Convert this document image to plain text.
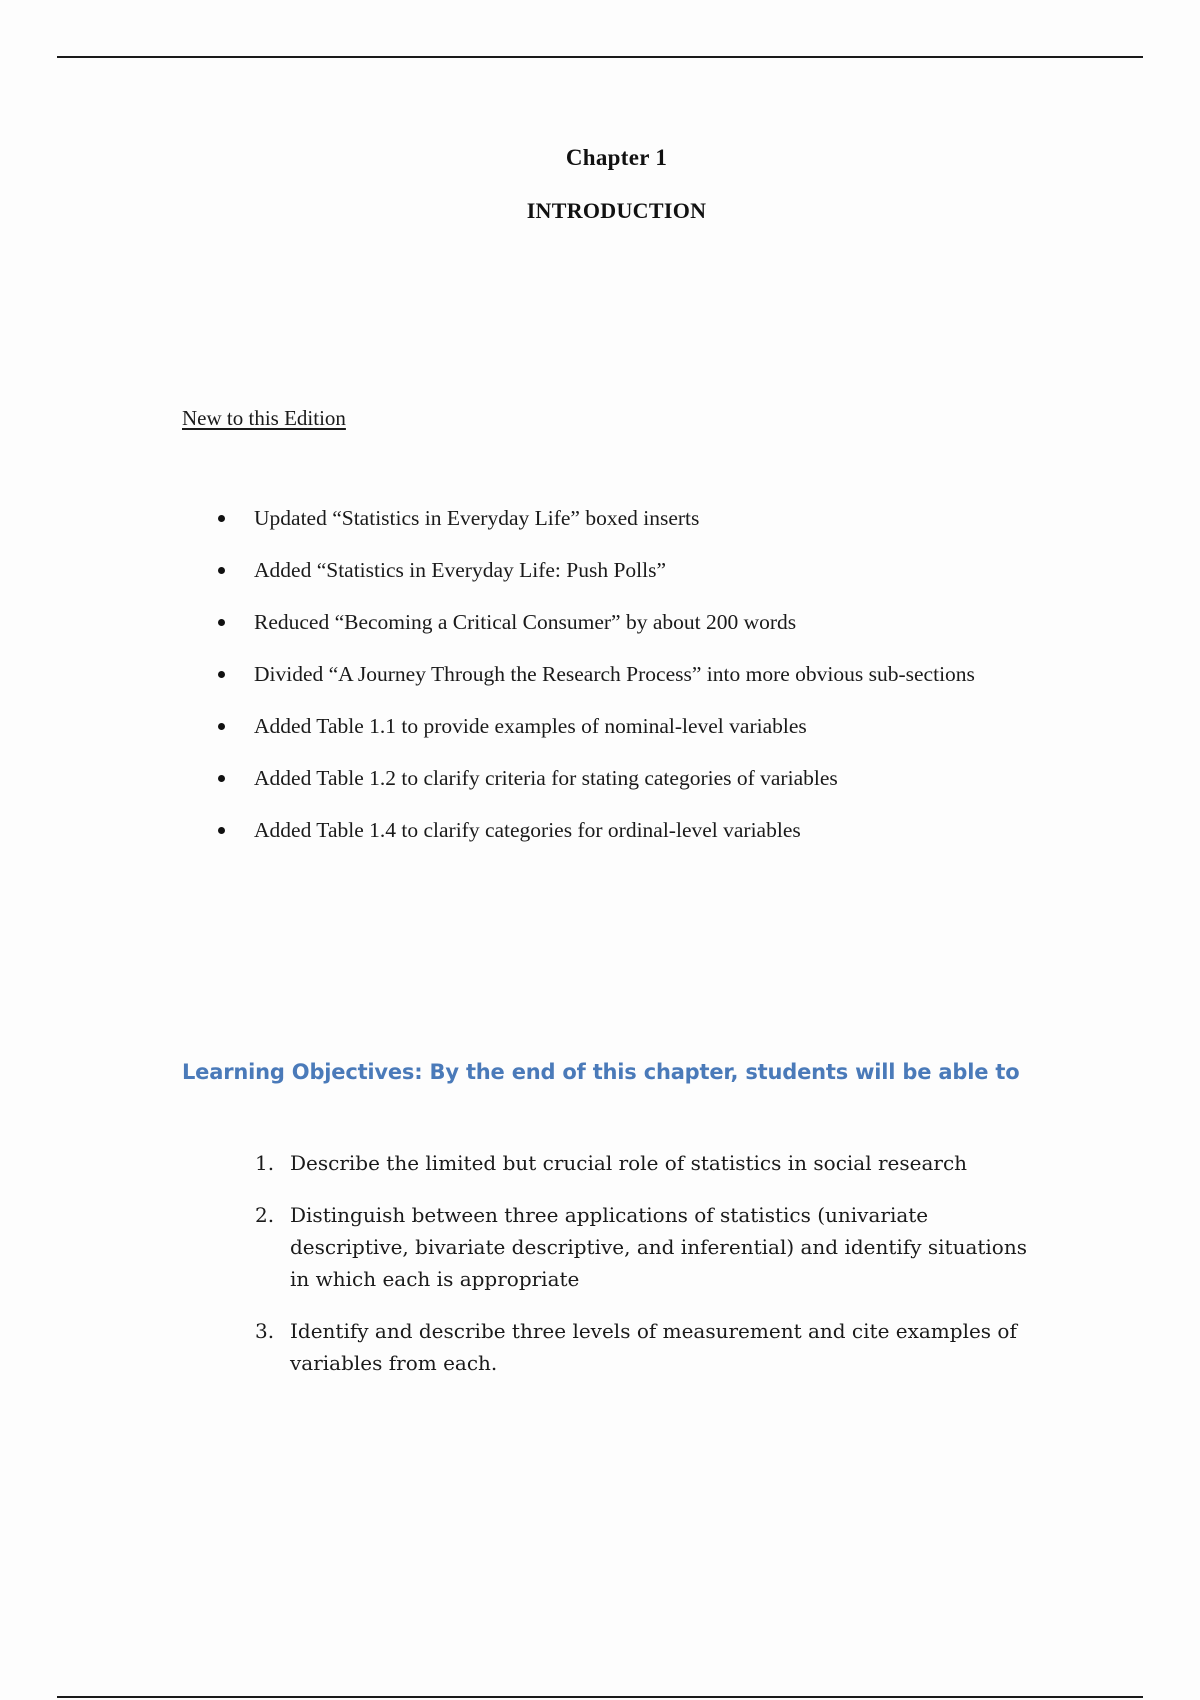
Chapter 1
INTRODUCTION
New to this Edition
Updated “Statistics in Everyday Life” boxed inserts
Added “Statistics in Everyday Life: Push Polls”
Reduced “Becoming a Critical Consumer” by about 200 words
Divided “A Journey Through the Research Process” into more obvious sub-sections
Added Table 1.1 to provide examples of nominal-level variables
Added Table 1.2 to clarify criteria for stating categories of variables
Added Table 1.4 to clarify categories for ordinal-level variables
Learning Objectives: By the end of this chapter, students will be able to
1. Describe the limited but crucial role of statistics in social research
2. Distinguish between three applications of statistics (univariate descriptive, bivariate descriptive, and inferential) and identify situations in which each is appropriate
3. Identify and describe three levels of measurement and cite examples of variables from each.
